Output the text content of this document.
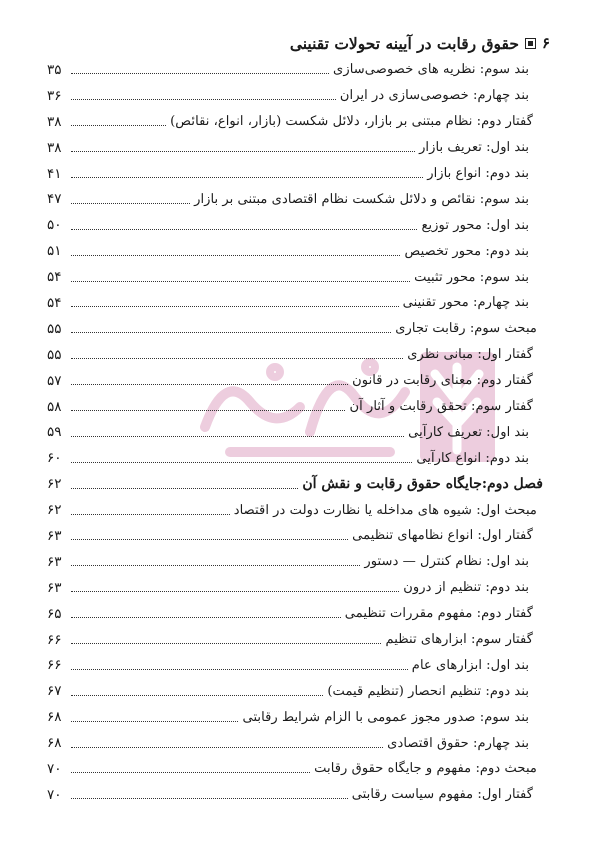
۶
حقوق رقابت در آیینه تحولات تقنینی
بند سوم: نظریه های خصوصی‌سازی
۳۵
بند چهارم: خصوصی‌سازی در ایران
۳۶
گفتار دوم: نظام مبتنی بر بازار، دلائل شکست (بازار، انواع، نقائص)
۳۸
بند اول: تعریف بازار
۳۸
بند دوم: انواع بازار
۴۱
بند سوم: نقائص و دلائل شکست نظام اقتصادی مبتنی بر بازار
۴۷
بند اول: محور توزیع
۵۰
بند دوم: محور تخصیص
۵۱
بند سوم: محور تثبیت
۵۴
بند چهارم: محور تقنینی
۵۴
مبحث سوم: رقابت تجاری
۵۵
گفتار اول: مبانی نظری
۵۵
گفتار دوم: معنای رقابت در قانون
۵۷
گفتار سوم: تحقق رقابت و آثار آن
۵۸
بند اول: تعریف کارآیی
۵۹
بند دوم: انواع کارآیی
۶۰
فصل دوم:جایگاه حقوق رقابت و نقش آن
۶۲
مبحث اول: شیوه های مداخله یا نظارت دولت در اقتصاد
۶۲
گفتار اول: انواع نظامهای تنظیمی
۶۳
بند اول: نظام کنترل — دستور
۶۳
بند دوم: تنظیم از درون
۶۳
گفتار دوم: مفهوم مقررات تنظیمی
۶۵
گفتار سوم: ابزارهای تنظیم
۶۶
بند اول: ابزارهای عام
۶۶
بند دوم: تنظیم انحصار (تنظیم قیمت)
۶۷
بند سوم: صدور مجوز عمومی با الزام شرایط رقابتی
۶۸
بند چهارم: حقوق اقتصادی
۶۸
مبحث دوم: مفهوم و جایگاه حقوق رقابت
۷۰
گفتار اول: مفهوم سیاست رقابتی
۷۰
